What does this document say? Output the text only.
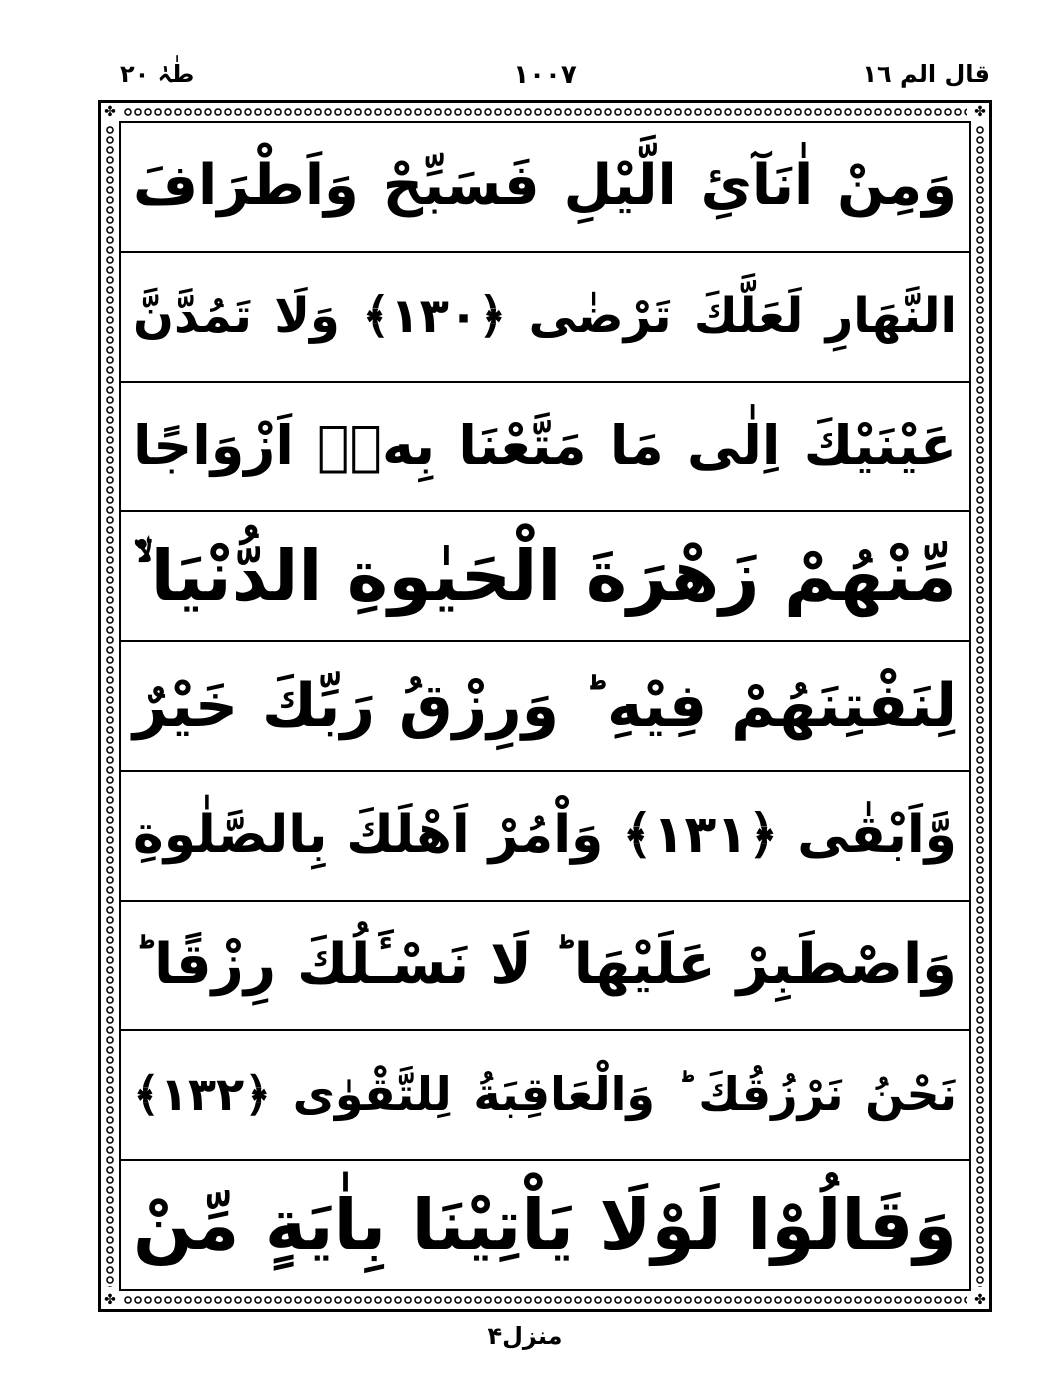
قال الم ١٦
١٠٠٧
طٰہٰ ٢٠
✤	✤
✤	✤
وَمِنْ اٰنَآئِ الَّیْلِ فَسَبِّحْ وَاَطْرَافَ
النَّهَارِ لَعَلَّكَ تَرْضٰی ﴿١٣٠﴾ وَلَا تَمُدَّنَّ
عَیْنَیْكَ اِلٰی مَا مَتَّعْنَا بِهٖۤ اَزْوَاجًا
مِّنْهُمْ زَهْرَةَ الْحَیٰوةِ الدُّنْیَا ۙ۬
لِنَفْتِنَهُمْ فِیْهِ ؕ وَرِزْقُ رَبِّكَ خَیْرٌ
وَّاَبْقٰی ﴿١٣١﴾ وَاْمُرْ اَهْلَكَ بِالصَّلٰوةِ
وَاصْطَبِرْ عَلَیْهَا ؕ لَا نَسْـَٔلُكَ رِزْقًا ؕ
نَحْنُ نَرْزُقُكَ ؕ وَالْعَاقِبَةُ لِلتَّقْوٰی ﴿١٣٢﴾
وَقَالُوْا لَوْلَا یَاْتِیْنَا بِاٰیَةٍ مِّنْ
منزل۴
